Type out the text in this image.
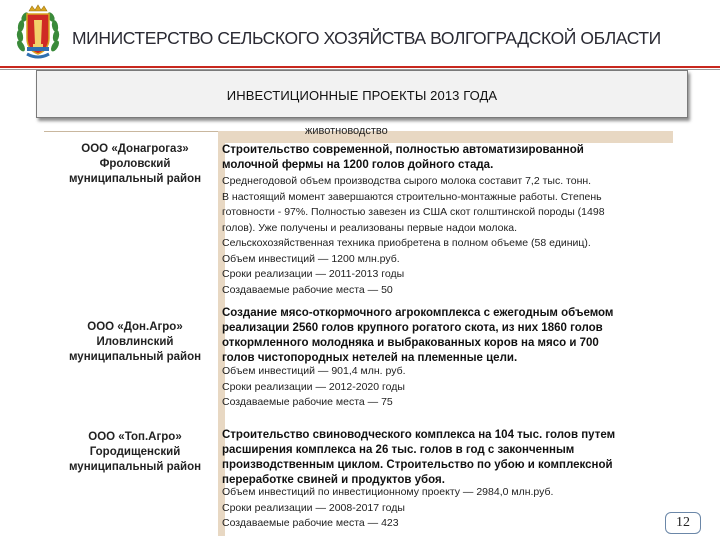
МИНИСТЕРСТВО СЕЛЬСКОГО ХОЗЯЙСТВА ВОЛГОГРАДСКОЙ ОБЛАСТИ
ИНВЕСТИЦИОННЫЕ ПРОЕКТЫ 2013 ГОДА
животноводство
ООО «Донагрогаз»
Фроловский
муниципальный район
Строительство современной, полностью автоматизированной
молочной фермы на 1200 голов дойного стада.
Среднегодовой объем производства сырого молока составит 7,2 тыс. тонн.
В настоящий момент завершаются строительно-монтажные работы. Степень
готовности - 97%. Полностью завезен из США скот голштинской породы (1498
голов). Уже получены и реализованы первые надои молока.
Сельскохозяйственная техника приобретена в полном объеме (58 единиц).
Объем инвестиций — 1200 млн.руб.
Сроки реализации — 2011-2013 годы
Создаваемые рабочие места — 50
ООО «Дон.Агро»
Иловлинский
муниципальный район
Создание мясо-откормочного агрокомплекса с ежегодным объемом
реализации 2560 голов крупного рогатого скота, из них 1860 голов
откормленного молодняка и выбракованных коров на мясо и 700
голов чистопородных нетелей на племенные цели.
Объем инвестиций — 901,4 млн. руб.
Сроки реализации — 2012-2020 годы
Создаваемые рабочие места — 75
ООО «Топ.Агро»
Городищенский
муниципальный район
Строительство свиноводческого комплекса на 104 тыс. голов путем
расширения комплекса на 26 тыс. голов в год с законченным
производственным циклом. Строительство по убою и комплексной
переработке свиней и продуктов убоя.
Объем инвестиций по инвестиционному проекту — 2984,0 млн.руб.
Сроки реализации — 2008-2017 годы
Создаваемые рабочие места — 423	12
